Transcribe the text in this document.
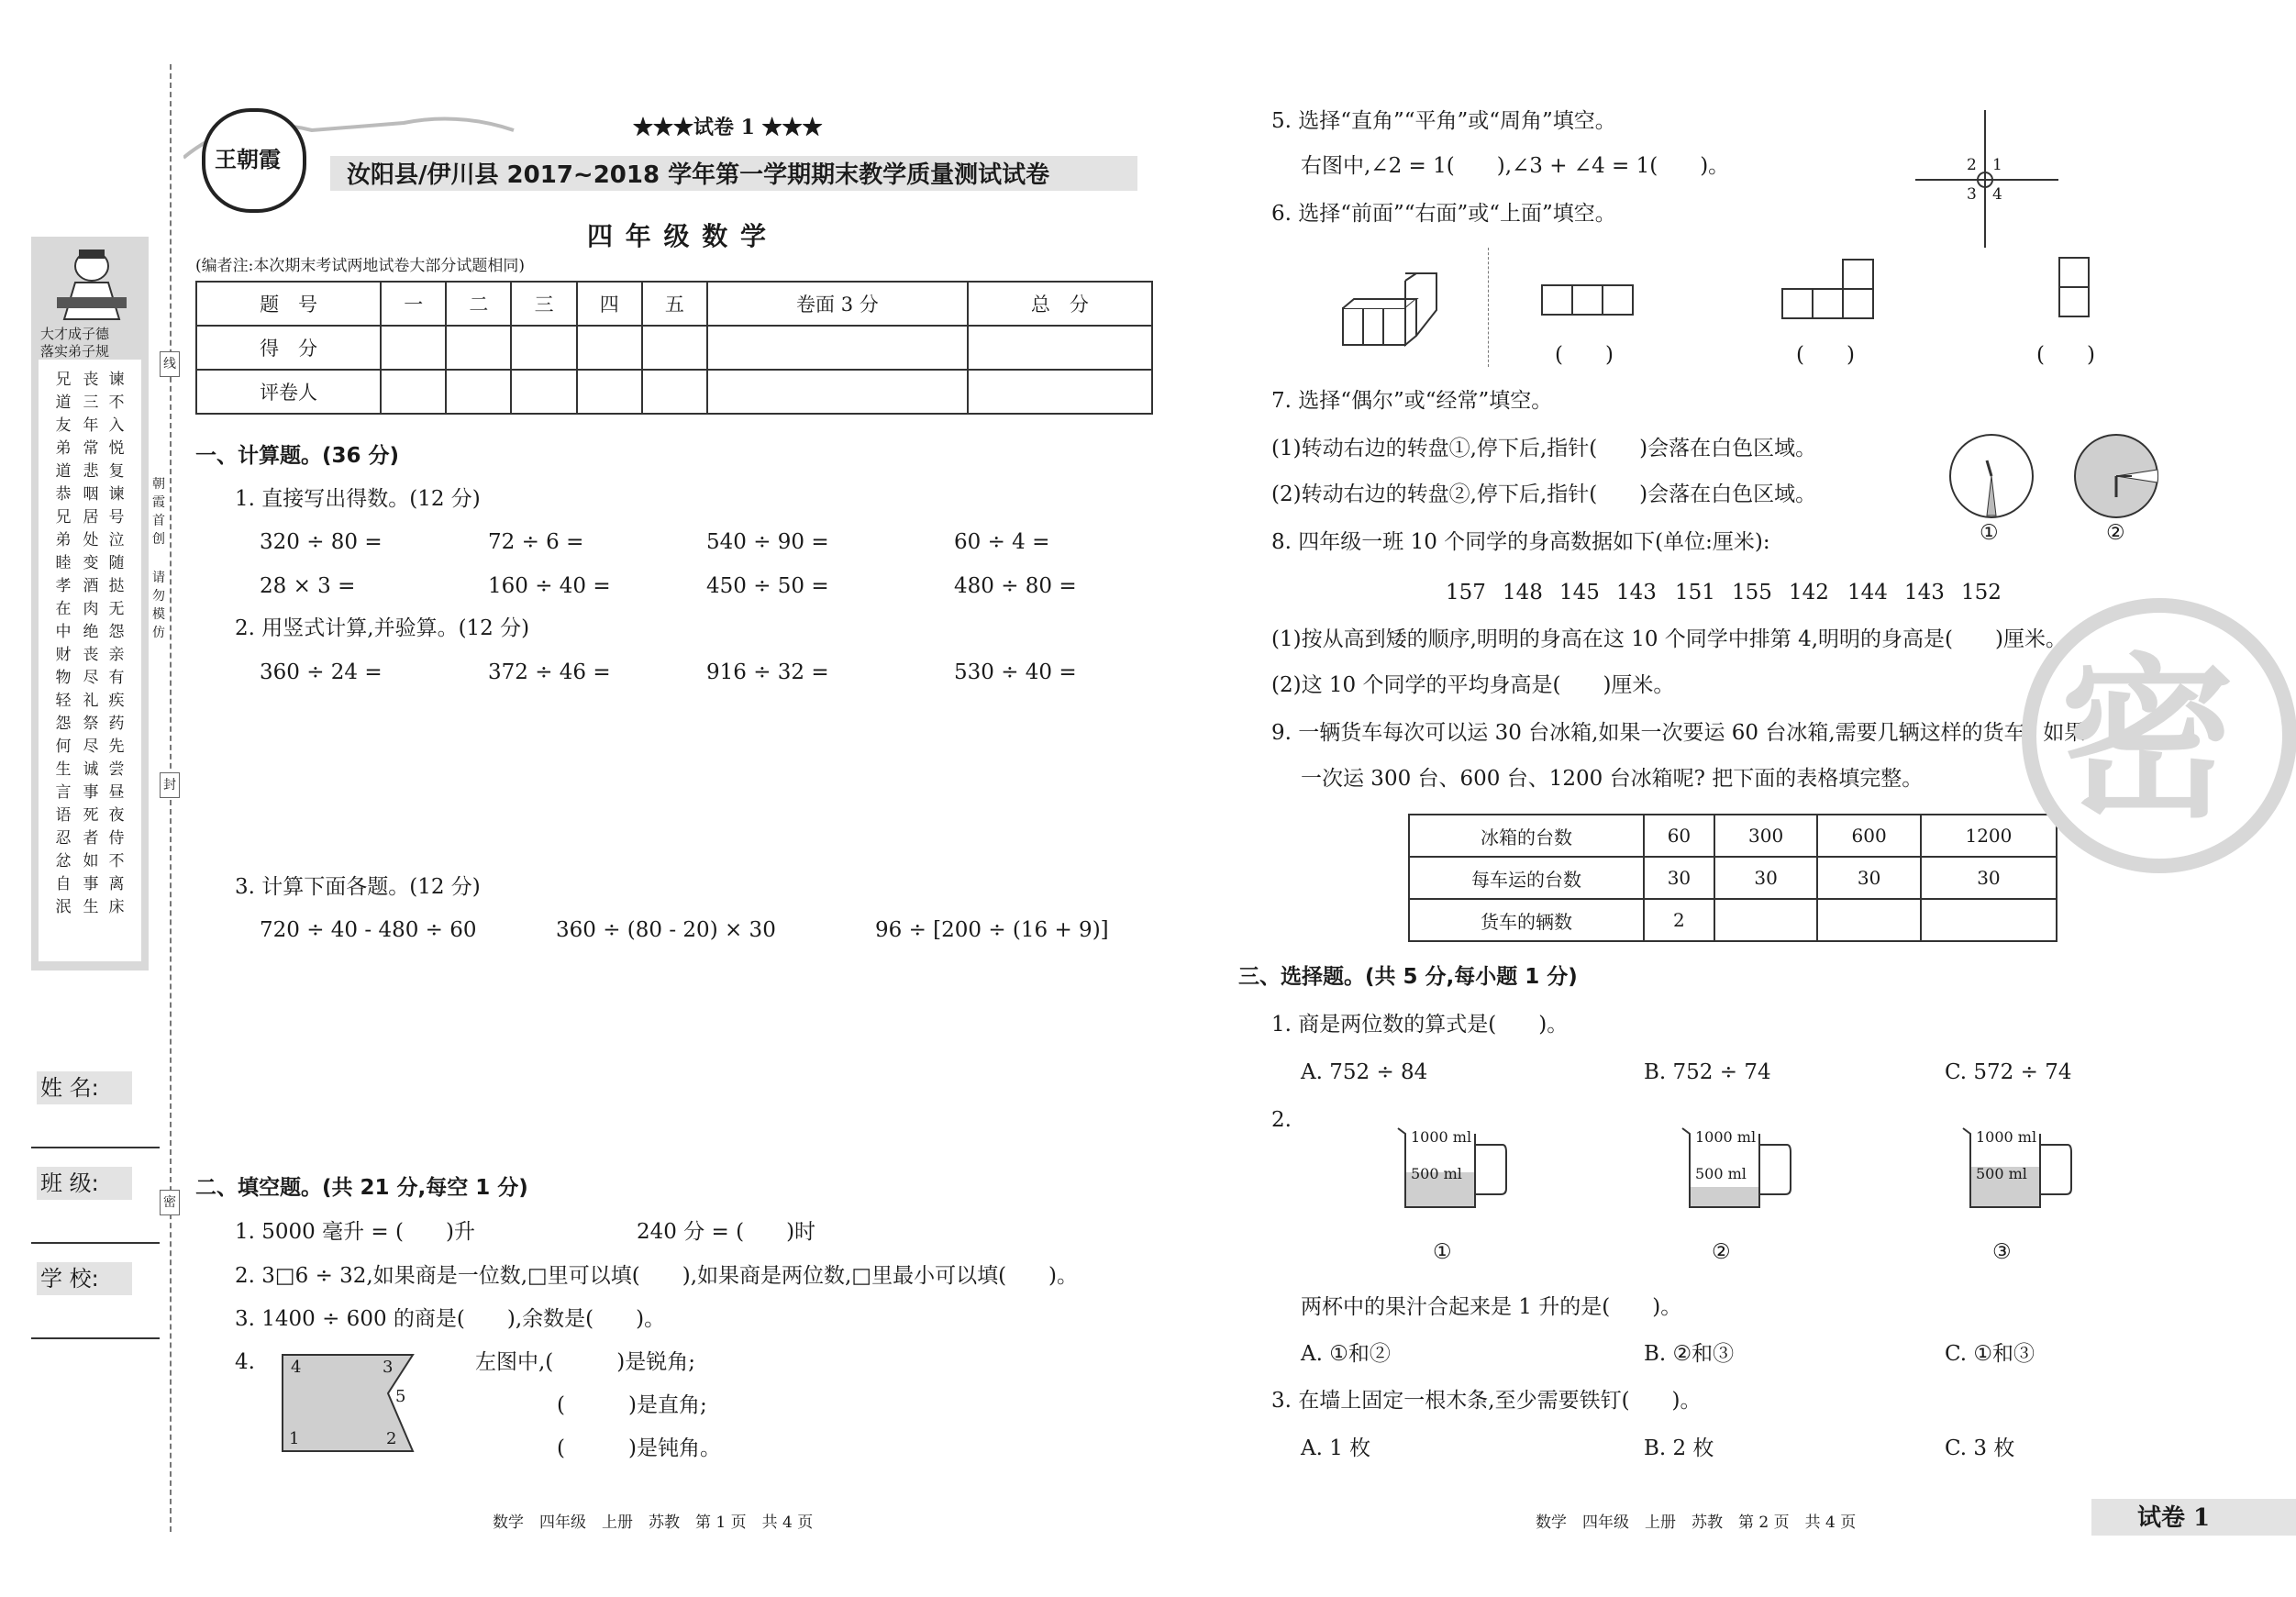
大才成子德
落实弟子规
兄道友弟道恭兄弟睦孝在中财物轻怨何生言语忍忿自泯
丧三年常悲咽居处变酒肉绝丧尽礼祭尽诚事死者如事生
谏不入悦复谏号泣随挞无怨亲有疾药先尝昼夜侍不离床
线
封
密
朝霞首创
请勿模仿
姓 名:
班 级:
学 校:
王朝霞
★★★试卷 1 ★★★
汝阳县/伊川县 2017~2018 学年第一学期期末教学质量测试试卷
四 年 级 数 学
(编者注:本次期末考试两地试卷大部分试题相同)
题　号	一	二	三	四	五	卷面 3 分	总　分
得　分							
评卷人							
一、计算题。(36 分)
1. 直接写出得数。(12 分)
320 ÷ 80 =	72 ÷ 6 =	540 ÷ 90 =	60 ÷ 4 =
28 × 3 =	160 ÷ 40 =	450 ÷ 50 =	480 ÷ 80 =
2. 用竖式计算,并验算。(12 分)
360 ÷ 24 =	372 ÷ 46 =	916 ÷ 32 =	530 ÷ 40 =
3. 计算下面各题。(12 分)
720 ÷ 40 - 480 ÷ 60	360 ÷ (80 - 20) × 30	96 ÷ [200 ÷ (16 + 9)]
二、填空题。(共 21 分,每空 1 分)
1. 5000 毫升 = (　　)升	240 分 = (　　)时
2. 3□6 ÷ 32,如果商是一位数,□里可以填(　　),如果商是两位数,□里最小可以填(　　)。
3. 1400 ÷ 600 的商是(　　),余数是(　　)。
4. 4	3
5
1	2
左图中,(　　　)是锐角;
(　　　)是直角;
(　　　)是钝角。
数学　四年级　上册　苏教　第 1 页　共 4 页
5. 选择“直角”“平角”或“周角”填空。
右图中,∠2 = 1(　　),∠3 + ∠4 = 1(　　)。	2 1
3 4
6. 选择“前面”“右面”或“上面”填空。
(　　)	(　　)	(　　)
7. 选择“偶尔”或“经常”填空。
(1)转动右边的转盘①,停下后,指针(　　)会落在白色区域。
(2)转动右边的转盘②,停下后,指针(　　)会落在白色区域。
①	②
8. 四年级一班 10 个同学的身高数据如下(单位:厘米):
157 148 145 143 151 155 142 144 143 152
(1)按从高到矮的顺序,明明的身高在这 10 个同学中排第 4,明明的身高是(　　)厘米。
(2)这 10 个同学的平均身高是(　　)厘米。
9. 一辆货车每次可以运 30 台冰箱,如果一次要运 60 台冰箱,需要几辆这样的货车? 如果
一次运 300 台、600 台、1200 台冰箱呢? 把下面的表格填完整。
冰箱的台数	60	300	600	1200
每车运的台数	30	30	30	30
货车的辆数	2			
密
三、选择题。(共 5 分,每小题 1 分)
1. 商是两位数的算式是(　　)。
A. 752 ÷ 84	B. 752 ÷ 74	C. 572 ÷ 74
2.
1000 ml
500 ml
1000 ml
500 ml
1000 ml
500 ml
①	②	③
两杯中的果汁合起来是 1 升的是(　　)。
A. ①和②	B. ②和③	C. ①和③
3. 在墙上固定一根木条,至少需要铁钉(　　)。
A. 1 枚	B. 2 枚	C. 3 枚
数学　四年级　上册　苏教　第 2 页　共 4 页	试卷 1
